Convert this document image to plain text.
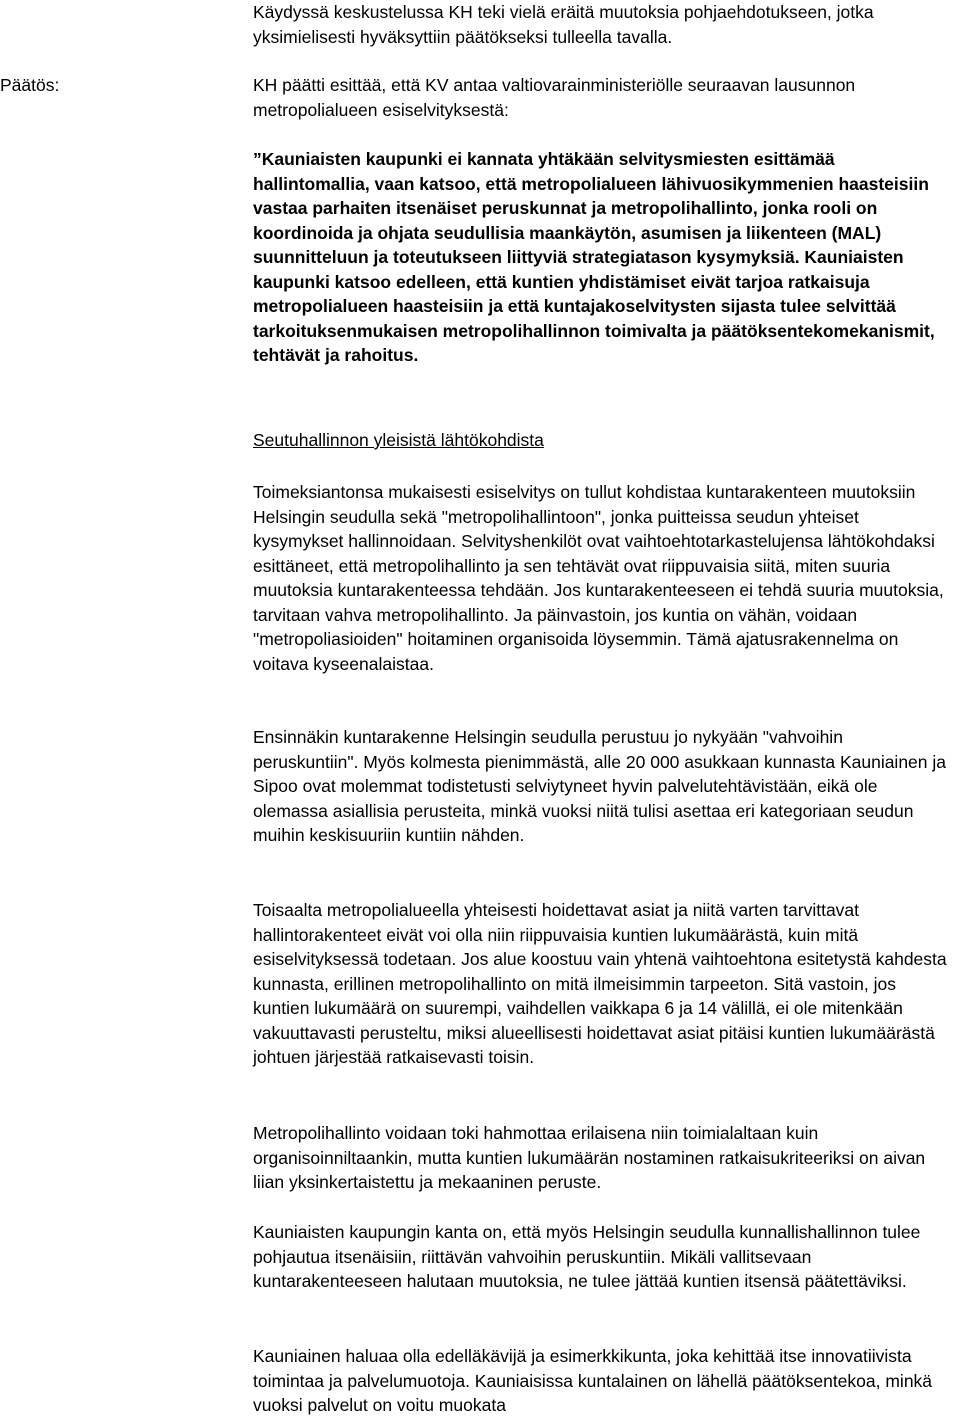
Käydyssä keskustelussa KH teki vielä eräitä muutoksia pohjaehdotukseen, jotka yksimielisesti hyväksyttiin päätökseksi tulleella tavalla.

Päätös:	KH päätti esittää, että KV antaa valtiovarainministeriölle seuraavan lausunnon metropolialueen esiselvityksestä:

”Kauniaisten kaupunki ei kannata yhtäkään selvitysmiesten esittämää hallintomallia, vaan katsoo, että metropolialueen lähivuosikymmenien haasteisiin vastaa parhaiten itsenäiset peruskunnat ja metropolihallinto, jonka rooli on koordinoida ja ohjata seudullisia maankäytön, asumisen ja liikenteen (MAL) suunnitteluun ja toteutukseen liittyviä strategiatason kysymyksiä. Kauniaisten kaupunki katsoo edelleen, että kuntien yhdistämiset eivät tarjoa ratkaisuja metropolialueen haasteisiin ja että kuntajakoselvitysten sijasta tulee selvittää tarkoituksenmukaisen metropolihallinnon toimivalta ja päätöksentekomekanismit, tehtävät ja rahoitus.

Seutuhallinnon yleisistä lähtökohdista

Toimeksiantonsa mukaisesti esiselvitys on tullut kohdistaa kuntarakenteen muutoksiin Helsingin seudulla sekä "metropolihallintoon", jonka puitteissa seudun yhteiset kysymykset hallinnoidaan. Selvityshenkilöt ovat vaihtoehtotarkastelujensa lähtökohdaksi esittäneet, että metropolihallinto ja sen tehtävät ovat riippuvaisia siitä, miten suuria muutoksia kuntarakenteessa tehdään. Jos kuntarakenteeseen ei tehdä suuria muutoksia, tarvitaan vahva metropolihallinto. Ja päinvastoin, jos kuntia on vähän, voidaan "metropoliasioiden" hoitaminen organisoida löysemmin. Tämä ajatusrakennelma on voitava kyseenalaistaa.

Ensinnäkin kuntarakenne Helsingin seudulla perustuu jo nykyään "vahvoihin peruskuntiin". Myös kolmesta pienimmästä, alle 20 000 asukkaan kunnasta Kauniainen ja Sipoo ovat molemmat todistetusti selviytyneet hyvin palvelutehtävistään, eikä ole olemassa asiallisia perusteita, minkä vuoksi niitä tulisi asettaa eri kategoriaan seudun muihin keskisuuriin kuntiin nähden.

Toisaalta metropolialueella yhteisesti hoidettavat asiat ja niitä varten tarvittavat hallintorakenteet eivät voi olla niin riippuvaisia kuntien lukumäärästä, kuin mitä esiselvityksessä todetaan. Jos alue koostuu vain yhtenä vaihtoehtona esitetystä kahdesta kunnasta, erillinen metropolihallinto on mitä ilmeisimmin tarpeeton. Sitä vastoin, jos kuntien lukumäärä on suurempi, vaihdellen vaikkapa 6 ja 14 välillä, ei ole mitenkään vakuuttavasti perusteltu, miksi alueellisesti hoidettavat asiat pitäisi kuntien lukumäärästä johtuen järjestää ratkaisevasti toisin.

Metropolihallinto voidaan toki hahmottaa erilaisena niin toimialaltaan kuin organisoinniltaankin, mutta kuntien lukumäärän nostaminen ratkaisukriteeriksi on aivan liian yksinkertaistettu ja mekaaninen peruste.

Kauniaisten kaupungin kanta on, että myös Helsingin seudulla kunnallishallinnon tulee pohjautua itsenäisiin, riittävän vahvoihin peruskuntiin. Mikäli vallitsevaan kuntarakenteeseen halutaan muutoksia, ne tulee jättää kuntien itsensä päätettäviksi.

Kauniainen haluaa olla edelläkävijä ja esimerkkikunta, joka kehittää itse innovatiivista toimintaa ja palvelumuotoja. Kauniaisissa kuntalainen on lähellä päätöksentekoa, minkä vuoksi palvelut on voitu muokata
